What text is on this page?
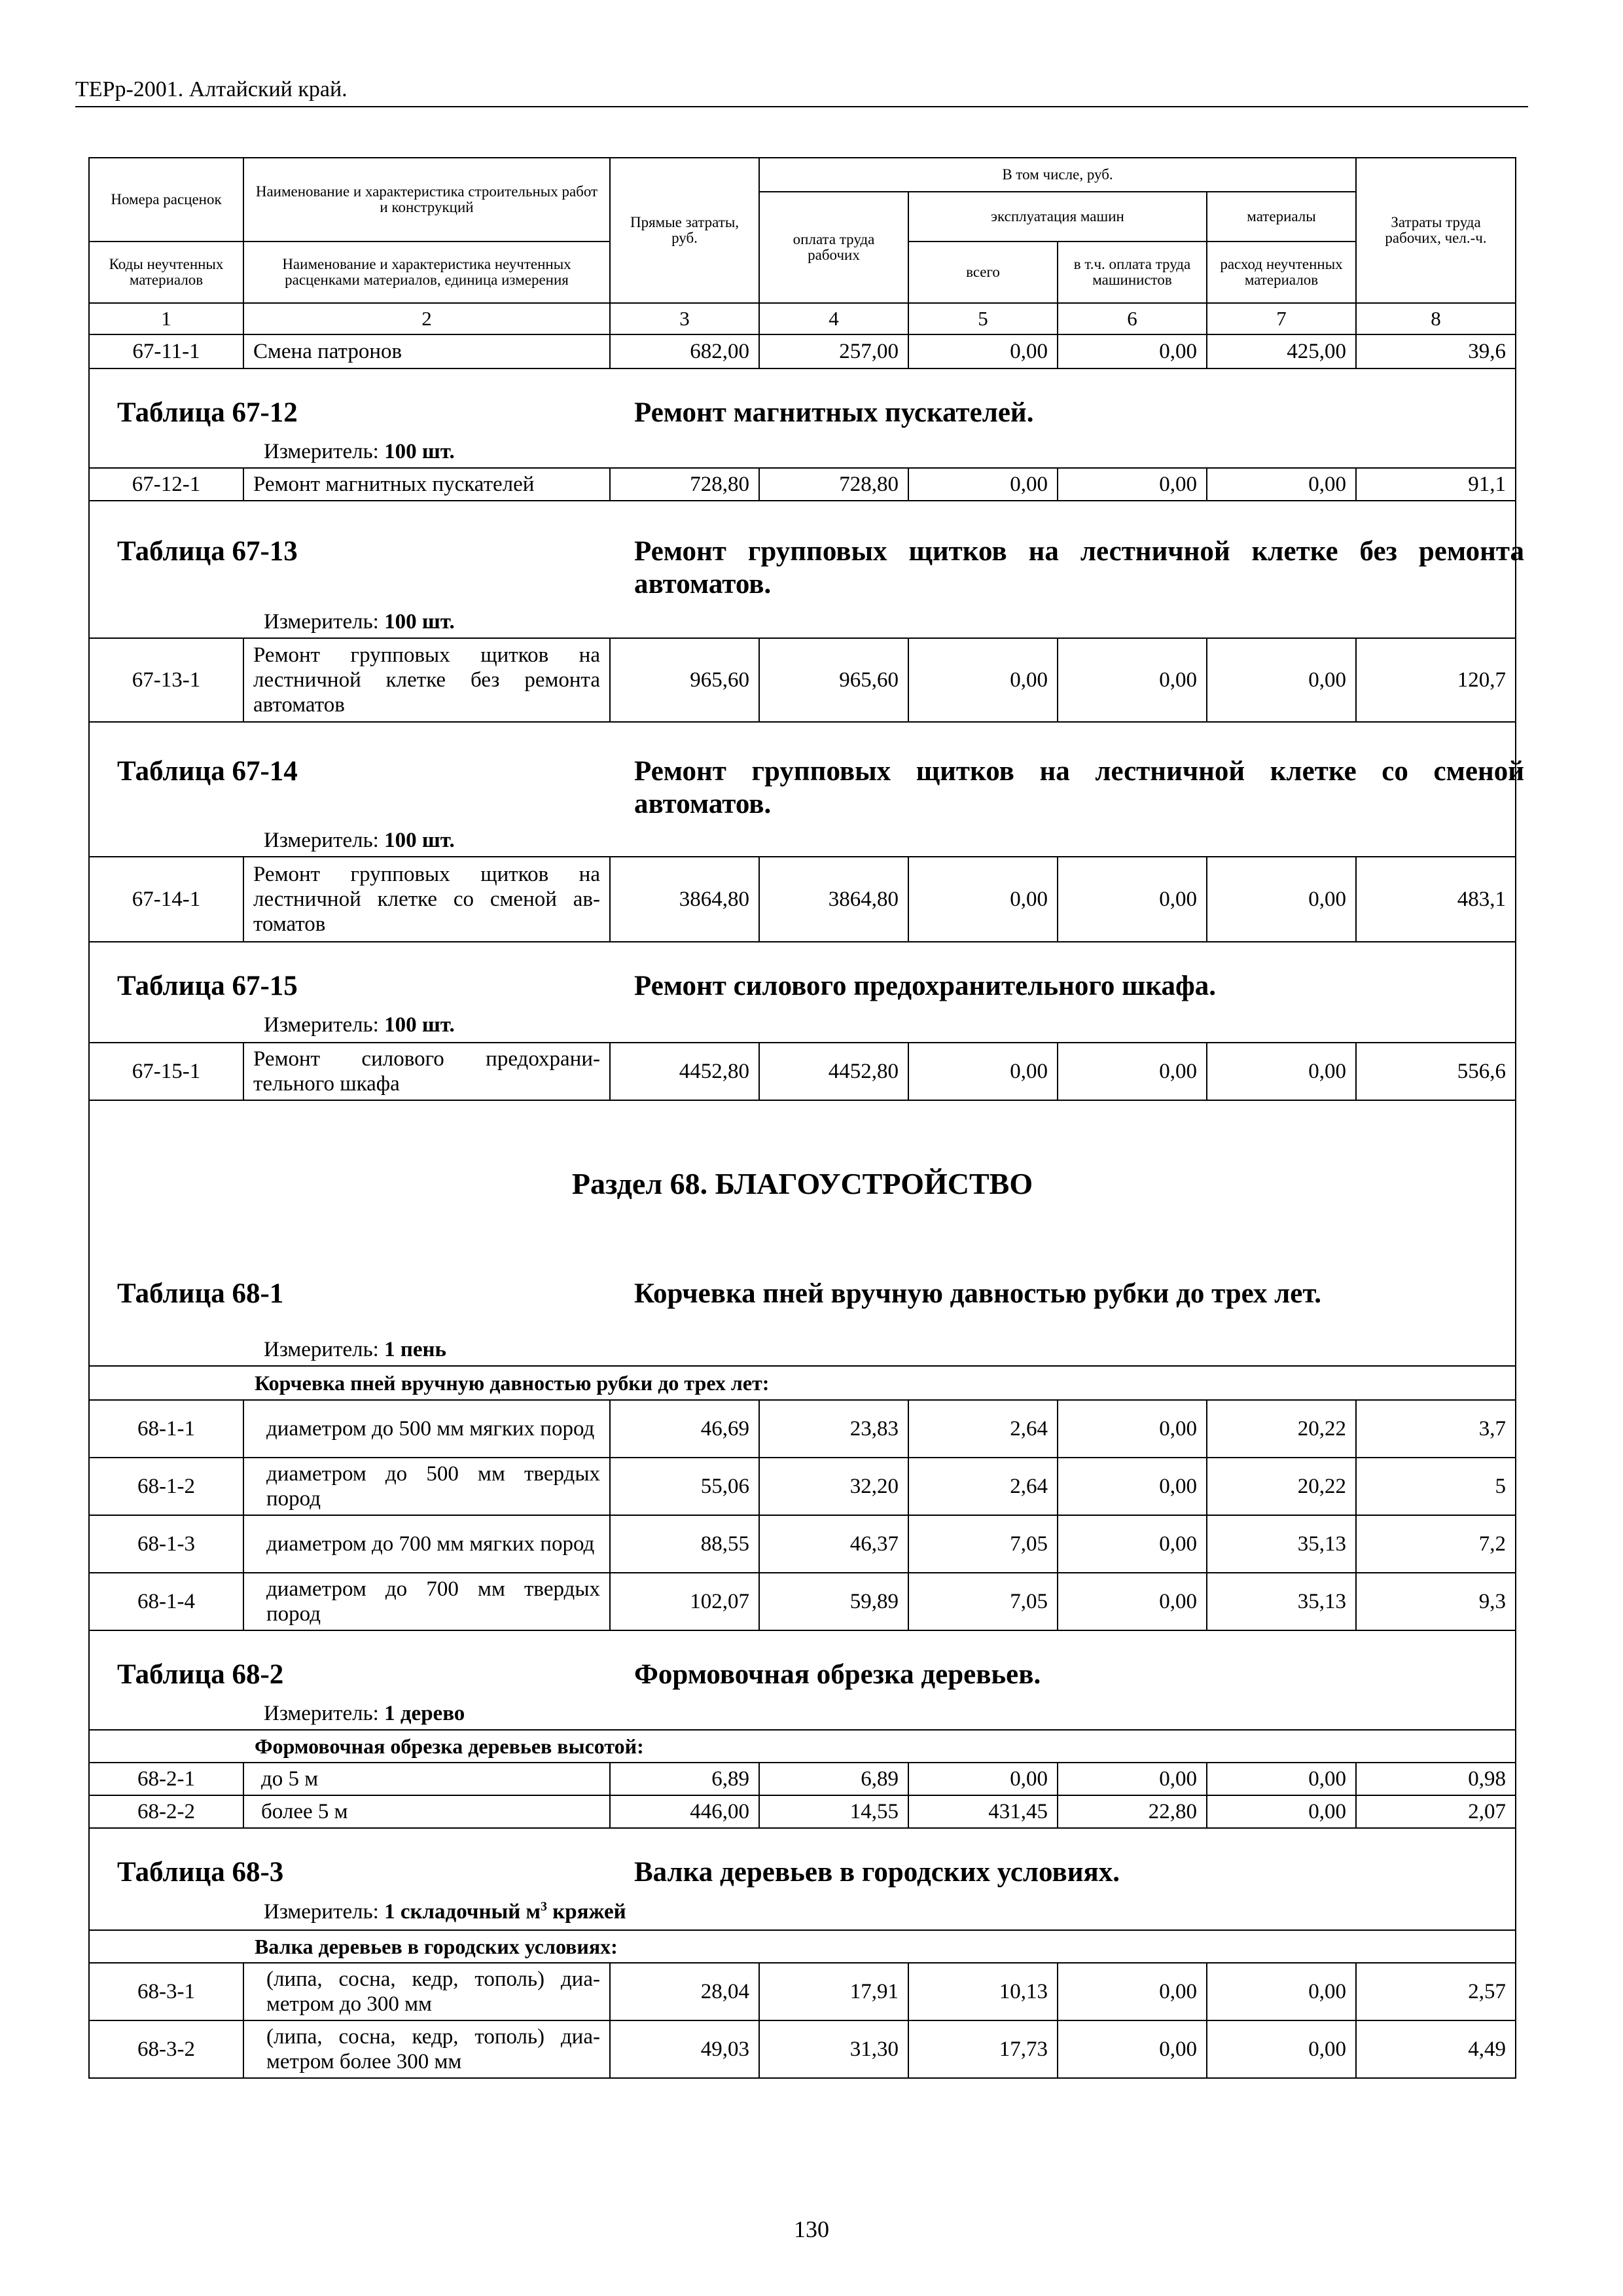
ТЕРр-2001. Алтайский край.
Номера расценок	Наименование и характеристика строительных работ и конструкций	Прямые затраты, руб.	В том числе, руб.				Затраты труда рабочих, чел.-ч.
			оплата труда рабочих	эксплуатация машин		материалы	
Коды неучтенных материалов	Наименование и характеристика неучтенных расценками материалов, единица измерения			всего	в т.ч. оплата труда машинистов	расход неучтенных материалов	
1	2	3	4	5	6	7	8
67-11-1	Смена патронов	682,00	257,00	0,00	0,00	425,00	39,6

Таблица 67-12 Ремонт магнитных пускателей.
Измеритель: 100 шт.							

67-12-1	Ремонт магнитных пускателей	728,80	728,80	0,00	0,00	0,00	91,1

Таблица 67-13 Ремонт групповых щитков на лестничной клетке без ремонта автоматов.
Измеритель: 100 шт.							

67-13-1	Ремонт групповых щитков на лестничной клетке без ремонта автоматов	965,60	965,60	0,00	0,00	0,00	120,7

Таблица 67-14 Ремонт групповых щитков на лестничной клетке со сменой автоматов.
Измеритель: 100 шт.							

67-14-1	Ремонт групповых щитков на лестничной клетке со сменой автоматов	3864,80	3864,80	0,00	0,00	0,00	483,1

Таблица 67-15 Ремонт силового предохранительного шкафа.
Измеритель: 100 шт.							

67-15-1	Ремонт силового предохранительного шкафа	4452,80	4452,80	0,00	0,00	0,00	556,6
Раздел 68. БЛАГОУСТРОЙСТВО							

Таблица 68-1 Корчевка пней вручную давностью рубки до трех лет.
Измеритель: 1 пень							

Корчевка пней вручную давностью рубки до трех лет:							
68-1-1	диаметром до 500 мм мягких пород	46,69	23,83	2,64	0,00	20,22	3,7
68-1-2	диаметром до 500 мм твердых пород	55,06	32,20	2,64	0,00	20,22	5
68-1-3	диаметром до 700 мм мягких пород	88,55	46,37	7,05	0,00	35,13	7,2
68-1-4	диаметром до 700 мм твердых пород	102,07	59,89	7,05	0,00	35,13	9,3

Таблица 68-2 Формовочная обрезка деревьев.
Измеритель: 1 дерево							

Формовочная обрезка деревьев высотой:							
68-2-1	до 5 м	6,89	6,89	0,00	0,00	0,00	0,98
68-2-2	более 5 м	446,00	14,55	431,45	22,80	0,00	2,07

Таблица 68-3 Валка деревьев в городских условиях.
Измеритель: 1 складочный $м^3$ кряжей							

Валка деревьев в городских условиях:							
68-3-1	(липа, сосна, кедр, тополь) диаметром до 300 мм	28,04	17,91	10,13	0,00	0,00	2,57
68-3-2	(липа, сосна, кедр, тополь) диаметром более 300 мм	49,03	31,30	17,73	0,00	0,00	4,49
130
